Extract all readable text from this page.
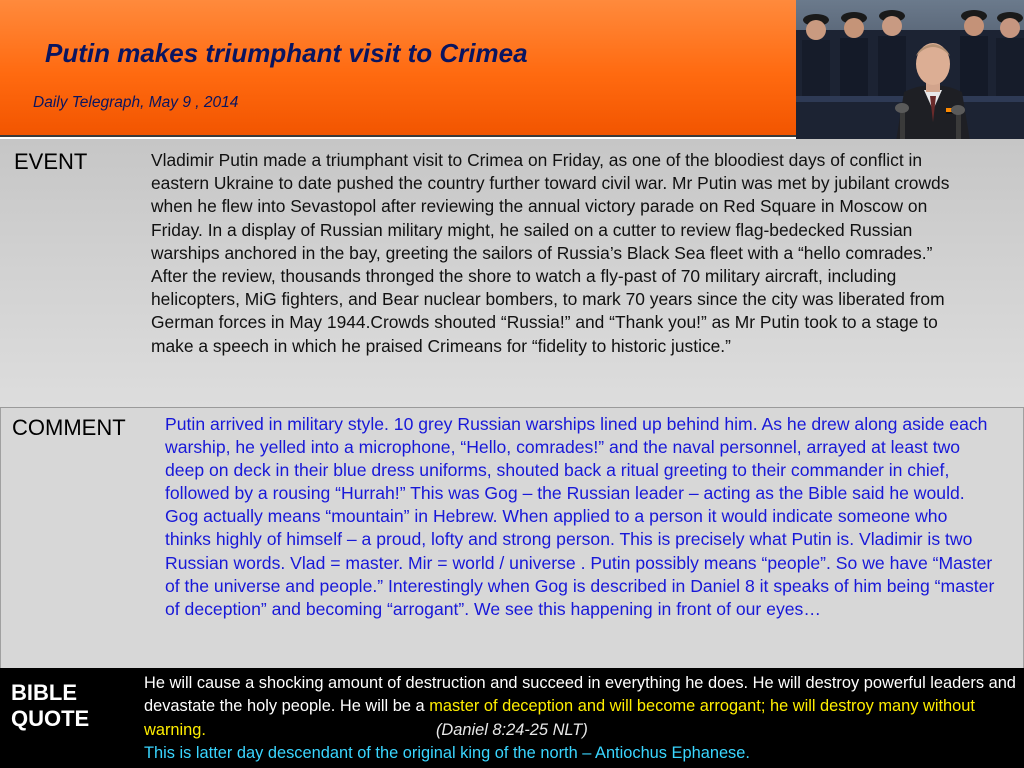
Putin makes triumphant visit to Crimea
Daily Telegraph, May 9 , 2014
EVENT	Vladimir Putin made a triumphant visit to Crimea on Friday, as one of the bloodiest days of conflict in eastern Ukraine to date pushed the country further toward civil war. Mr Putin was met by jubilant crowds when he flew into Sevastopol after reviewing the annual victory parade on Red Square in Moscow on Friday. In a display of Russian military might, he sailed on a cutter to review flag-bedecked Russian warships anchored in the bay, greeting the sailors of Russia’s Black Sea fleet with a “hello comrades.” After the review, thousands thronged the shore to watch a fly-past of 70 military aircraft, including helicopters, MiG fighters, and Bear nuclear bombers, to mark 70 years since the city was liberated from German forces in May 1944.Crowds shouted “Russia!” and “Thank you!” as Mr Putin took to a stage to make a speech in which he praised Crimeans for “fidelity to historic justice.”
COMMENT Putin arrived in military style. 10 grey Russian warships lined up behind him. As he drew along aside each warship, he yelled into a microphone, “Hello, comrades!” and the naval personnel, arrayed at least two deep on deck in their blue dress uniforms, shouted back a ritual greeting to their commander in chief, followed by a rousing “Hurrah!” This was Gog – the Russian leader – acting as the Bible said he would. Gog actually means “mountain” in Hebrew. When applied to a person it would indicate someone who thinks highly of himself – a proud, lofty and strong person. This is precisely what Putin is. Vladimir is two Russian words. Vlad = master. Mir = world / universe . Putin possibly means “people”. So we have “Master of the universe and people.” Interestingly when Gog is described in Daniel 8 it speaks of him being “master of deception” and becoming “arrogant”. We see this happening in front of our eyes…
BIBLE
QUOTE
He will cause a shocking amount of destruction and succeed in everything he does. He will destroy powerful leaders and devastate the holy people. He will be a master of deception and will become arrogant; he will destroy many without warning.	(Daniel 8:24-25 NLT)
This is latter day descendant of the original king of the north – Antiochus Ephanese.
